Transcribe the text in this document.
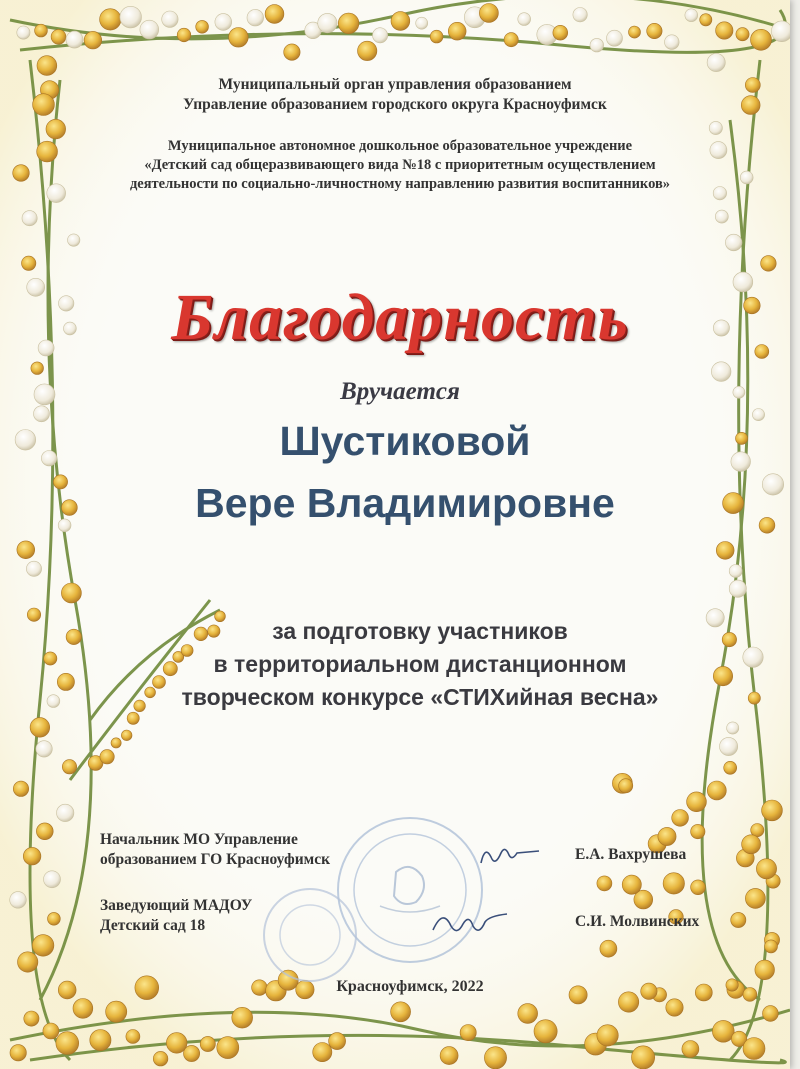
Муниципальный орган управления образованием
Управление образованием городского округа Красноуфимск
Муниципальное автономное дошкольное образовательное учреждение
«Детский сад общеразвивающего вида №18 с приоритетным осуществлением
деятельности по социально-личностному направлению развития воспитанников»
Благодарность
Вручается
Шустиковой
Вере Владимировне
за подготовку участников
в территориальном дистанционном
творческом конкурсе «СТИХийная весна»
Начальник МО Управление
образованием ГО Красноуфимск	Е.А. Вахрушева
Заведующий МАДОУ
Детский сад 18	С.И. Молвинских
Красноуфимск, 2022
